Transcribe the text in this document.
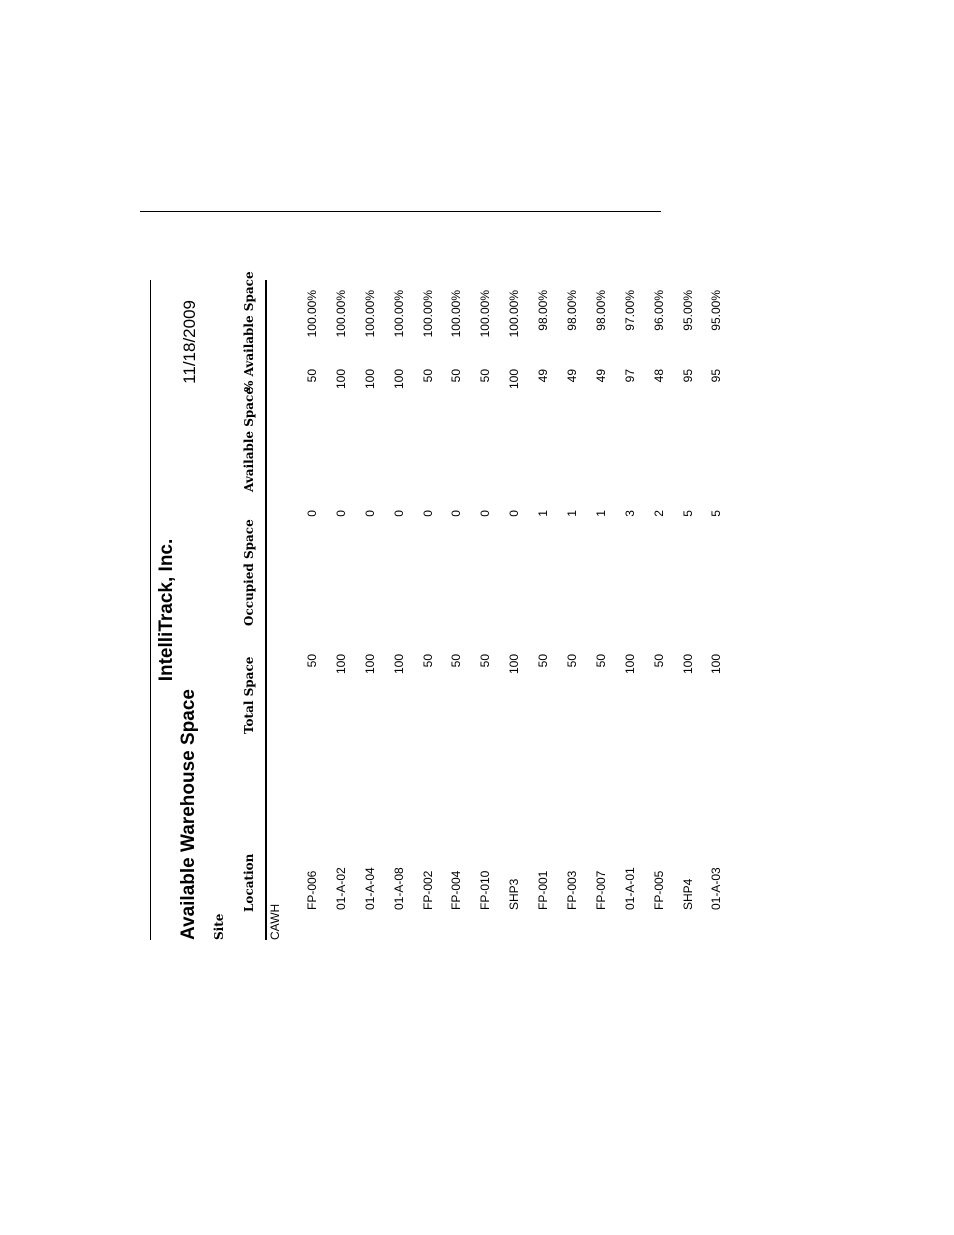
IntelliTrack, Inc.
Available Warehouse Space
11/18/2009
Site
Location
Total Space
Occupied Space
Available Space
% Available Space
CAWH
FP-006
50
0
50
100.00%
01-A-02
100
0
100
100.00%
01-A-04
100
0
100
100.00%
01-A-08
100
0
100
100.00%
FP-002
50
0
50
100.00%
FP-004
50
0
50
100.00%
FP-010
50
0
50
100.00%
SHP3
100
0
100
100.00%
FP-001
50
1
49
98.00%
FP-003
50
1
49
98.00%
FP-007
50
1
49
98.00%
01-A-01
100
3
97
97.00%
FP-005
50
2
48
96.00%
SHP4
100
5
95
95.00%
01-A-03
100
5
95
95.00%
